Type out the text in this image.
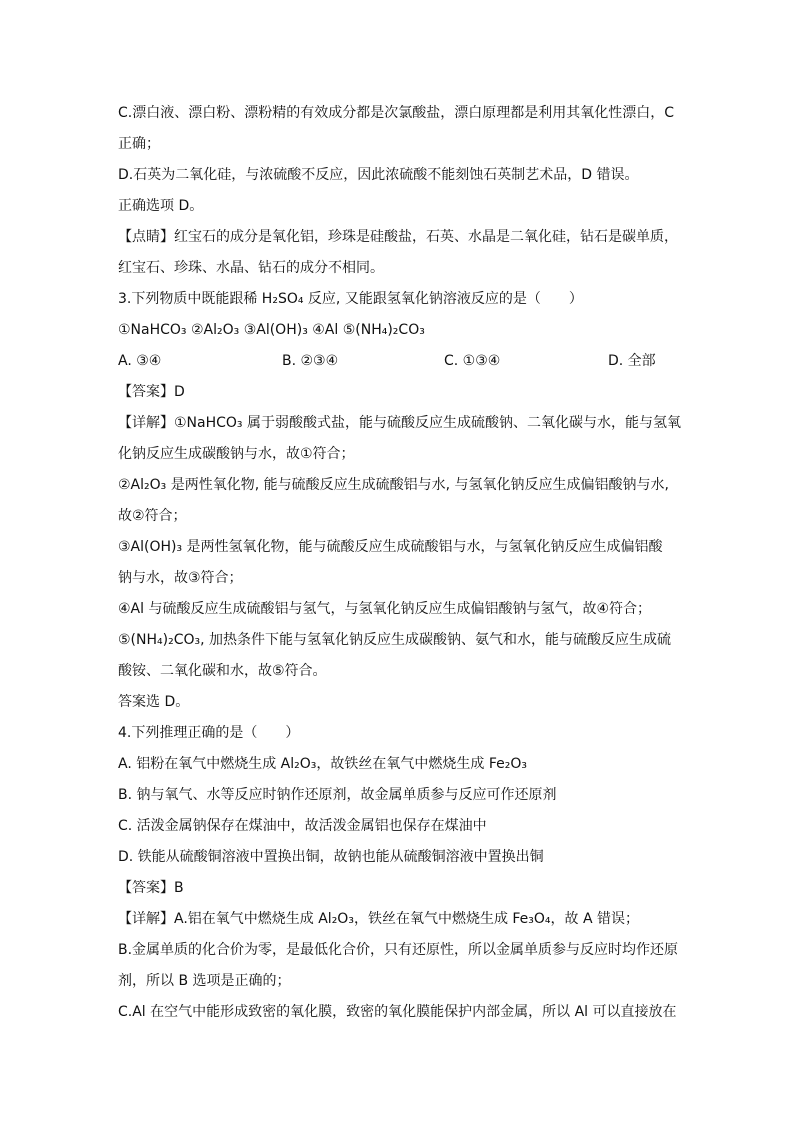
C.漂白液、漂白粉、漂粉精的有效成分都是次氯酸盐，漂白原理都是利用其氧化性漂白，C
正确；
D.石英为二氧化硅，与浓硫酸不反应，因此浓硫酸不能刻蚀石英制艺术品，D 错误。
正确选项 D。
【点睛】红宝石的成分是氧化铝，珍珠是硅酸盐，石英、水晶是二氧化硅，钻石是碳单质，
红宝石、珍珠、水晶、钻石的成分不相同。
3.下列物质中既能跟稀 H₂SO₄ 反应, 又能跟氢氧化钠溶液反应的是（　　）
①NaHCO₃ ②Al₂O₃ ③Al(OH)₃ ④Al ⑤(NH₄)₂CO₃
A. ③④	B. ②③④	C. ①③④	D. 全部
【答案】D
【详解】①NaHCO₃ 属于弱酸酸式盐，能与硫酸反应生成硫酸钠、二氧化碳与水，能与氢氧
化钠反应生成碳酸钠与水，故①符合；
②Al₂O₃ 是两性氧化物, 能与硫酸反应生成硫酸铝与水, 与氢氧化钠反应生成偏铝酸钠与水,
故②符合；
③Al(OH)₃ 是两性氢氧化物，能与硫酸反应生成硫酸铝与水，与氢氧化钠反应生成偏铝酸
钠与水，故③符合；
④Al 与硫酸反应生成硫酸铝与氢气，与氢氧化钠反应生成偏铝酸钠与氢气，故④符合；
⑤(NH₄)₂CO₃, 加热条件下能与氢氧化钠反应生成碳酸钠、氨气和水，能与硫酸反应生成硫
酸铵、二氧化碳和水，故⑤符合。
答案选 D。
4.下列推理正确的是（　　）
A. 铝粉在氧气中燃烧生成 Al₂O₃，故铁丝在氧气中燃烧生成 Fe₂O₃
B. 钠与氧气、水等反应时钠作还原剂，故金属单质参与反应可作还原剂
C. 活泼金属钠保存在煤油中，故活泼金属铝也保存在煤油中
D. 铁能从硫酸铜溶液中置换出铜，故钠也能从硫酸铜溶液中置换出铜
【答案】B
【详解】A.铝在氧气中燃烧生成 Al₂O₃，铁丝在氧气中燃烧生成 Fe₃O₄，故 A 错误；
B.金属单质的化合价为零，是最低化合价，只有还原性，所以金属单质参与反应时均作还原
剂，所以 B 选项是正确的；
C.Al 在空气中能形成致密的氧化膜，致密的氧化膜能保护内部金属，所以 Al 可以直接放在
